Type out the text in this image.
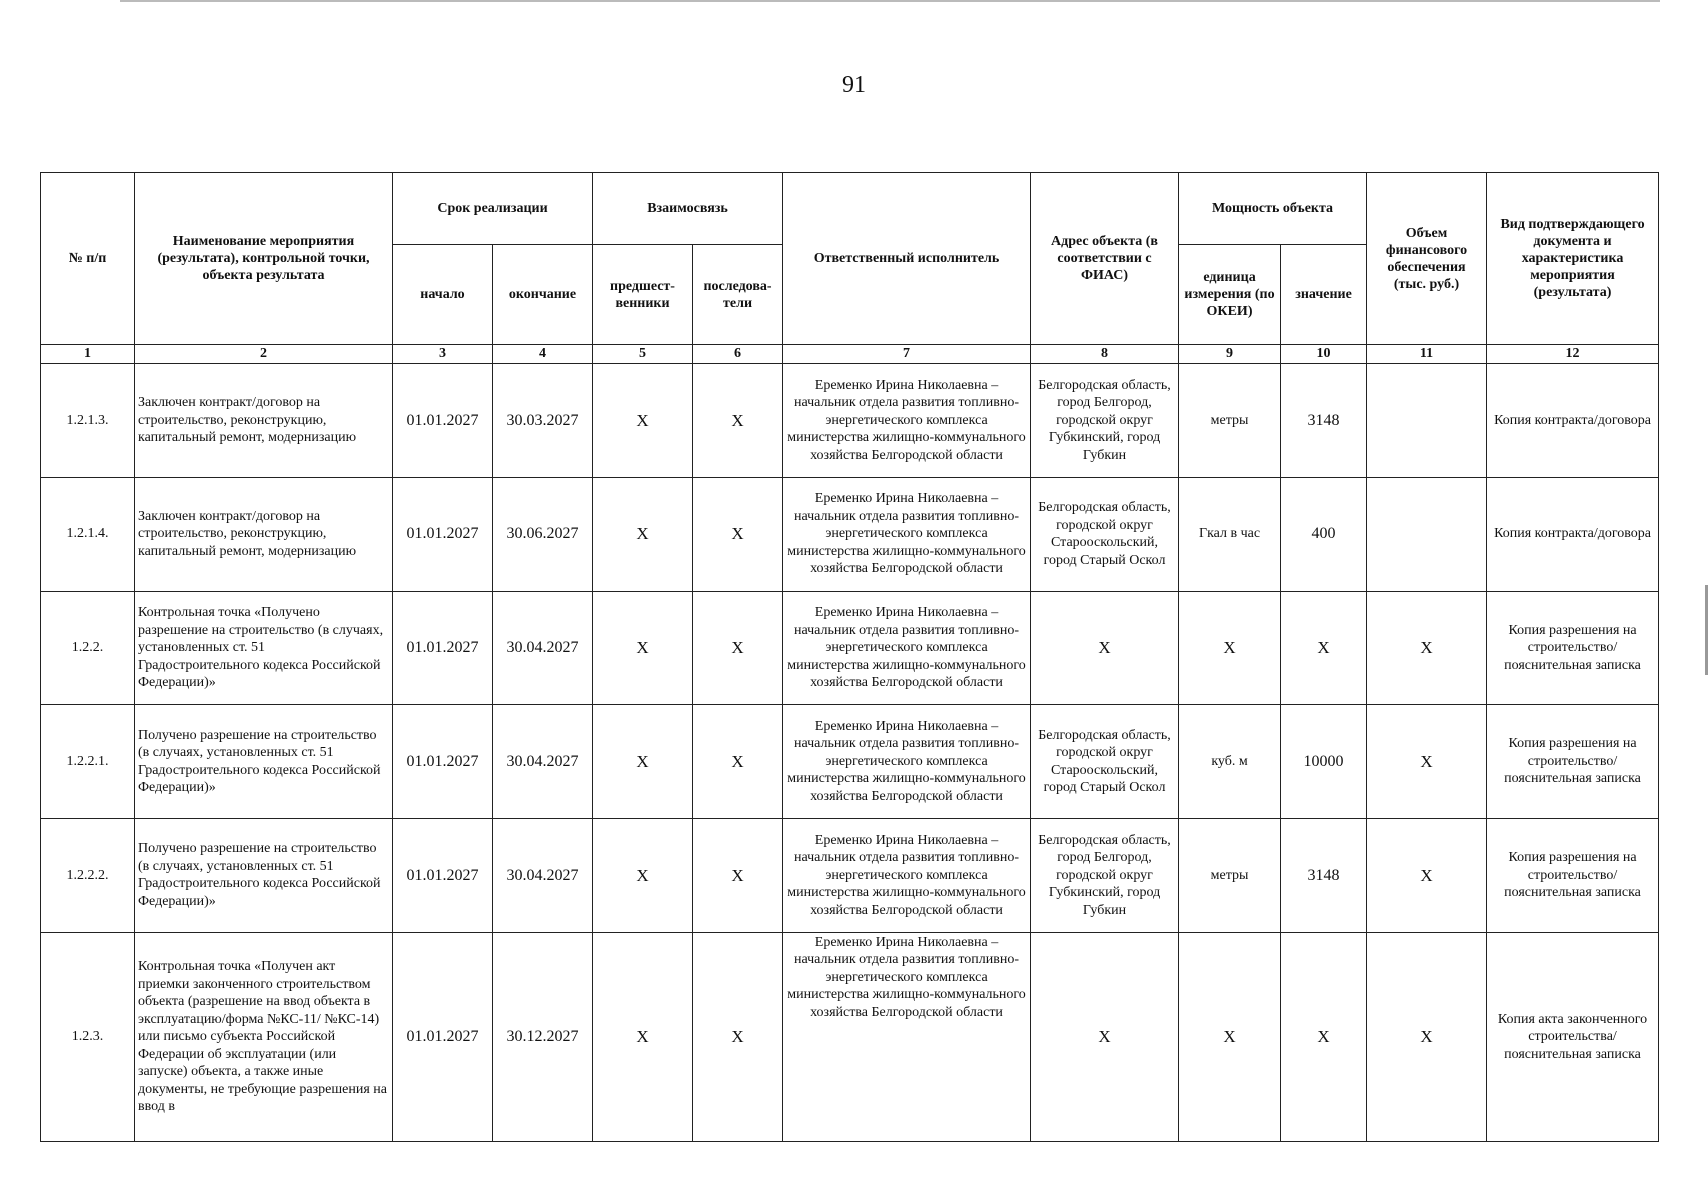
91
№ п/п	Наименование мероприятия (результата), контрольной точки, объекта результата	Срок реализации		Взаимосвязь		Ответственный исполнитель	Адрес объекта (в соответствии с ФИАС)	Мощность объекта		Объем финансового обеспечения (тыс. руб.)	Вид подтверждающего документа и характеристика мероприятия (результата)
		начало	окончание	предшест-венники	последова-тели			единица измерения (по ОКЕИ)	значение		
1	2	3	4	5	6	7	8	9	10	11	12
1.2.1.3.	Заключен контракт/договор на строительство, реконструкцию, капитальный ремонт, модернизацию	01.01.2027	30.03.2027	X	X	Еременко Ирина Николаевна – начальник отдела развития топливно-энергетического комплекса министерства жилищно-коммунального хозяйства Белгородской области	Белгородская область, город Белгород, городской округ Губкинский, город Губкин	метры	3148		Копия контракта/договора
1.2.1.4.	Заключен контракт/договор на строительство, реконструкцию, капитальный ремонт, модернизацию	01.01.2027	30.06.2027	X	X	Еременко Ирина Николаевна – начальник отдела развития топливно-энергетического комплекса министерства жилищно-коммунального хозяйства Белгородской области	Белгородская область, городской округ Старооскольский, город Старый Оскол	Гкал в час	400		Копия контракта/договора
1.2.2.	Контрольная точка «Получено разрешение на строительство (в случаях, установленных ст. 51 Градостроительного кодекса Российской Федерации)»	01.01.2027	30.04.2027	X	X	Еременко Ирина Николаевна – начальник отдела развития топливно-энергетического комплекса министерства жилищно-коммунального хозяйства Белгородской области	X	X	X	X	Копия разрешения на строительство/ пояснительная записка
1.2.2.1.	Получено разрешение на строительство (в случаях, установленных ст. 51 Градостроительного кодекса Российской Федерации)»	01.01.2027	30.04.2027	X	X	Еременко Ирина Николаевна – начальник отдела развития топливно-энергетического комплекса министерства жилищно-коммунального хозяйства Белгородской области	Белгородская область, городской округ Старооскольский, город Старый Оскол	куб. м	10000	X	Копия разрешения на строительство/ пояснительная записка
1.2.2.2.	Получено разрешение на строительство (в случаях, установленных ст. 51 Градостроительного кодекса Российской Федерации)»	01.01.2027	30.04.2027	X	X	Еременко Ирина Николаевна – начальник отдела развития топливно-энергетического комплекса министерства жилищно-коммунального хозяйства Белгородской области	Белгородская область, город Белгород, городской округ Губкинский, город Губкин	метры	3148	X	Копия разрешения на строительство/ пояснительная записка
1.2.3.	Контрольная точка «Получен акт приемки законченного строительством объекта (разрешение на ввод объекта в эксплуатацию/форма №КС-11/ №КС-14) или письмо субъекта Российской Федерации об эксплуатации (или запуске) объекта, а также иные документы, не требующие разрешения на ввод в	01.01.2027	30.12.2027	X	X	Еременко Ирина Николаевна – начальник отдела развития топливно-энергетического комплекса министерства жилищно-коммунального хозяйства Белгородской области	X	X	X	X	Копия акта законченного строительства/ пояснительная записка
